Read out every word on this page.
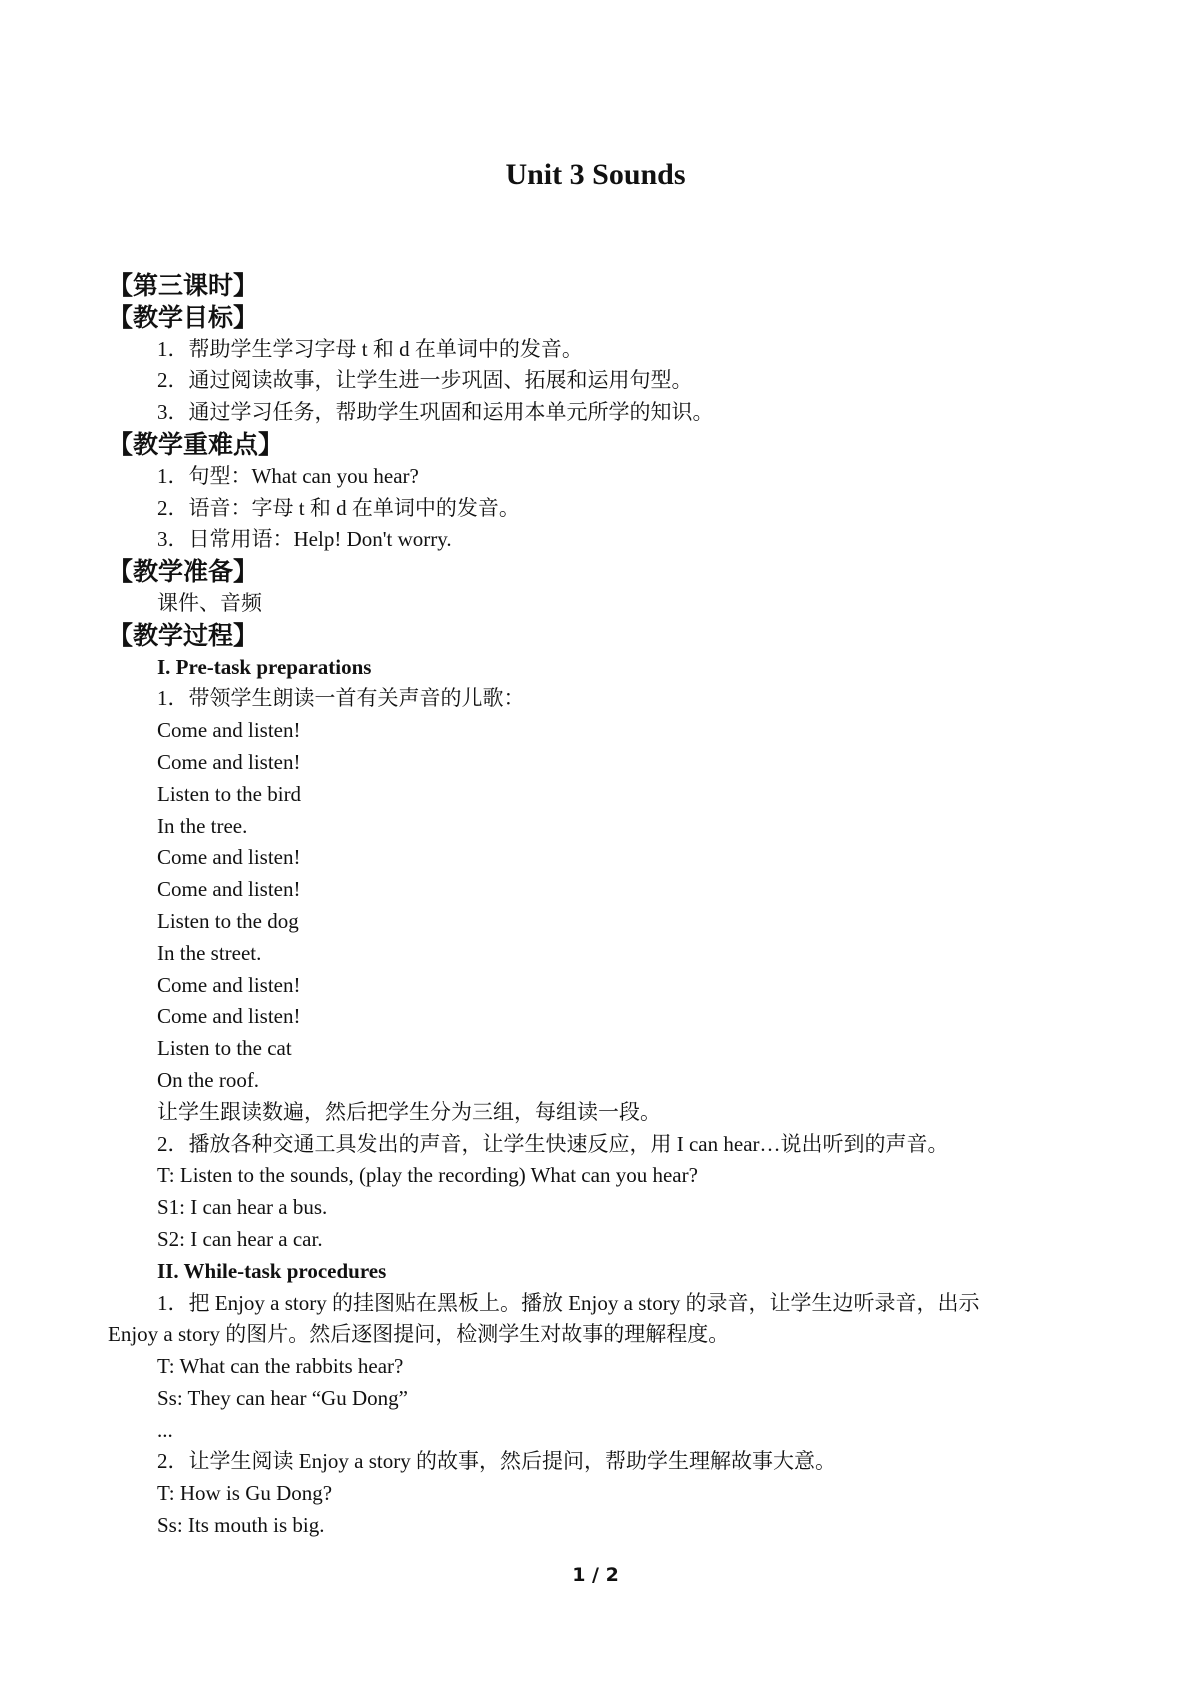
Unit 3 Sounds
【第三课时】
【教学目标】
1．帮助学生学习字母 t 和 d 在单词中的发音。
2．通过阅读故事，让学生进一步巩固、拓展和运用句型。
3．通过学习任务，帮助学生巩固和运用本单元所学的知识。
【教学重难点】
1．句型：What can you hear?
2．语音：字母 t 和 d 在单词中的发音。
3．日常用语：Help! Don't worry.
【教学准备】
课件、音频
【教学过程】
I. Pre-task preparations
1．带领学生朗读一首有关声音的儿歌：
Come and listen!
Come and listen!
Listen to the bird
In the tree.
Come and listen!
Come and listen!
Listen to the dog
In the street.
Come and listen!
Come and listen!
Listen to the cat
On the roof.
让学生跟读数遍，然后把学生分为三组，每组读一段。
2．播放各种交通工具发出的声音，让学生快速反应，用 I can hear…说出听到的声音。
T: Listen to the sounds, (play the recording) What can you hear?
S1: I can hear a bus.
S2: I can hear a car.
II. While-task procedures
1．把 Enjoy a story 的挂图贴在黑板上。播放 Enjoy a story 的录音，让学生边听录音，出示
Enjoy a story 的图片。然后逐图提问，检测学生对故事的理解程度。
T: What can the rabbits hear?
Ss: They can hear “Gu Dong”
...
2．让学生阅读 Enjoy a story 的故事，然后提问，帮助学生理解故事大意。
T: How is Gu Dong?
Ss: Its mouth is big.
1 / 2
